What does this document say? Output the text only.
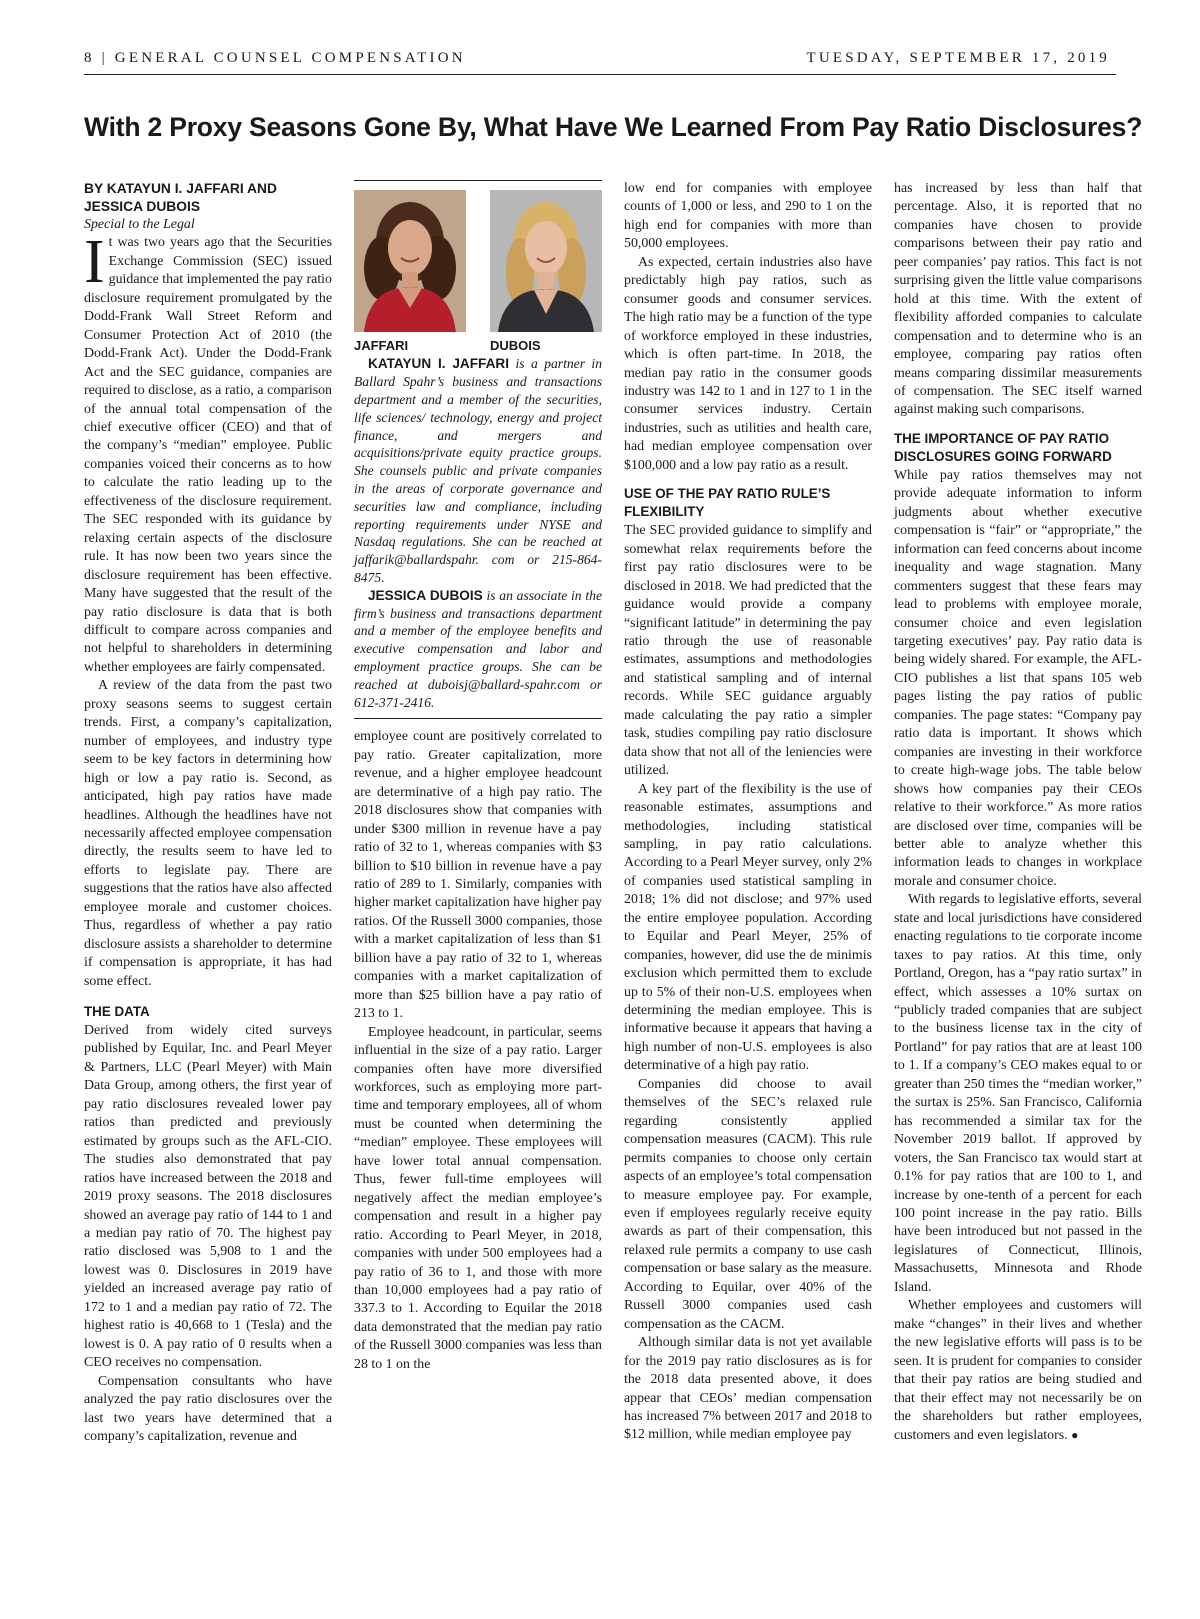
8 | GENERAL COUNSEL COMPENSATION	TUESDAY, SEPTEMBER 17, 2019
With 2 Proxy Seasons Gone By, What Have We Learned From Pay Ratio Disclosures?

BY KATAYUN I. JAFFARI AND

JESSICA DUBOIS

Special to the Legal

It was two years ago that the Securities Exchange Commission (SEC) issued guidance that implemented the pay ratio disclosure requirement promulgated by the Dodd-Frank Wall Street Reform and Consumer Protection Act of 2010 (the Dodd-Frank Act). Under the Dodd-Frank Act and the SEC guidance, companies are required to disclose, as a ratio, a comparison of the annual total compensation of the chief executive officer (CEO) and that of the company’s “median” employee. Public companies voiced their concerns as to how to calculate the ratio leading up to the effectiveness of the disclosure requirement. The SEC responded with its guidance by relaxing certain aspects of the disclosure rule. It has now been two years since the disclosure requirement has been effective. Many have suggested that the result of the pay ratio disclosure is data that is both difficult to compare across companies and not helpful to shareholders in determining whether employees are fairly compensated.

A review of the data from the past two proxy seasons seems to suggest certain trends. First, a company’s capitalization, number of employees, and industry type seem to be key factors in determining how high or low a pay ratio is. Second, as anticipated, high pay ratios have made headlines. Although the headlines have not necessarily affected employee compensation directly, the results seem to have led to efforts to legislate pay. There are suggestions that the ratios have also affected employee morale and customer choices. Thus, regardless of whether a pay ratio disclosure assists a shareholder to determine if compensation is appropriate, it has had some effect.

THE DATA

Derived from widely cited surveys published by Equilar, Inc. and Pearl Meyer & Partners, LLC (Pearl Meyer) with Main Data Group, among others, the first year of pay ratio disclosures revealed lower pay ratios than predicted and previously estimated by groups such as the AFL-CIO. The studies also demonstrated that pay ratios have increased between the 2018 and 2019 proxy seasons. The 2018 disclosures showed an average pay ratio of 144 to 1 and a median pay ratio of 70. The highest pay ratio disclosed was 5,908 to 1 and the lowest was 0. Disclosures in 2019 have yielded an increased average pay ratio of 172 to 1 and a median pay ratio of 72. The highest ratio is 40,668 to 1 (Tesla) and the lowest is 0. A pay ratio of 0 results when a CEO receives no compensation.

Compensation consultants who have analyzed the pay ratio disclosures over the last two years have determined that a company’s capitalization, revenue and

JAFFARI	DUBOIS

KATAYUN I. JAFFARI is a partner in Ballard Spahr’s business and transactions department and a member of the securities, life sciences/ technology, energy and project finance, and mergers and acquisitions/private equity practice groups. She counsels public and private companies in the areas of corporate governance and securities law and compliance, including reporting requirements under NYSE and Nasdaq regulations. She can be reached at jaffarik@ballardspahr. com or 215-864-8475.

JESSICA DUBOIS is an associate in the firm’s business and transactions department and a member of the employee benefits and executive compensation and labor and employment practice groups. She can be reached at duboisj@ballard-spahr.com or 612-371-2416.

employee count are positively correlated to pay ratio. Greater capitalization, more revenue, and a higher employee headcount are determinative of a high pay ratio. The 2018 disclosures show that companies with under $300 million in revenue have a pay ratio of 32 to 1, whereas companies with $3 billion to $10 billion in revenue have a pay ratio of 289 to 1. Similarly, companies with higher market capitalization have higher pay ratios. Of the Russell 3000 companies, those with a market capitalization of less than $1 billion have a pay ratio of 32 to 1, whereas companies with a market capitalization of more than $25 billion have a pay ratio of 213 to 1.

Employee headcount, in particular, seems influential in the size of a pay ratio. Larger companies often have more diversified workforces, such as employing more part-time and temporary employees, all of whom must be counted when determining the “median” employee. These employees will have lower total annual compensation. Thus, fewer full-time employees will negatively affect the median employee’s compensation and result in a higher pay ratio. According to Pearl Meyer, in 2018, companies with under 500 employees had a pay ratio of 36 to 1, and those with more than 10,000 employees had a pay ratio of 337.3 to 1. According to Equilar the 2018 data demonstrated that the median pay ratio of the Russell 3000 companies was less than 28 to 1 on the

low end for companies with employee counts of 1,000 or less, and 290 to 1 on the high end for companies with more than 50,000 employees.

As expected, certain industries also have predictably high pay ratios, such as consumer goods and consumer services. The high ratio may be a function of the type of workforce employed in these industries, which is often part-time. In 2018, the median pay ratio in the consumer goods industry was 142 to 1 and in 127 to 1 in the consumer services industry. Certain industries, such as utilities and health care, had median employee compensation over $100,000 and a low pay ratio as a result.

USE OF THE PAY RATIO RULE’S FLEXIBILITY

The SEC provided guidance to simplify and somewhat relax requirements before the first pay ratio disclosures were to be disclosed in 2018. We had predicted that the guidance would provide a company “significant latitude” in determining the pay ratio through the use of reasonable estimates, assumptions and methodologies and statistical sampling and of internal records. While SEC guidance arguably made calculating the pay ratio a simpler task, studies compiling pay ratio disclosure data show that not all of the leniencies were utilized.

A key part of the flexibility is the use of reasonable estimates, assumptions and methodologies, including statistical sampling, in pay ratio calculations. According to a Pearl Meyer survey, only 2% of companies used statistical sampling in 2018; 1% did not disclose; and 97% used the entire employee population. According to Equilar and Pearl Meyer, 25% of companies, however, did use the de minimis exclusion which permitted them to exclude up to 5% of their non-U.S. employees when determining the median employee. This is informative because it appears that having a high number of non-U.S. employees is also determinative of a high pay ratio.

Companies did choose to avail themselves of the SEC’s relaxed rule regarding consistently applied compensation measures (CACM). This rule permits companies to choose only certain aspects of an employee’s total compensation to measure employee pay. For example, even if employees regularly receive equity awards as part of their compensation, this relaxed rule permits a company to use cash compensation or base salary as the measure. According to Equilar, over 40% of the Russell 3000 companies used cash compensation as the CACM.

Although similar data is not yet available for the 2019 pay ratio disclosures as is for the 2018 data presented above, it does appear that CEOs’ median compensation has increased 7% between 2017 and 2018 to $12 million, while median employee pay

has increased by less than half that percentage. Also, it is reported that no companies have chosen to provide comparisons between their pay ratio and peer companies’ pay ratios. This fact is not surprising given the little value comparisons hold at this time. With the extent of flexibility afforded companies to calculate compensation and to determine who is an employee, comparing pay ratios often means comparing dissimilar measurements of compensation. The SEC itself warned against making such comparisons.

THE IMPORTANCE OF PAY RATIO DISCLOSURES GOING FORWARD

While pay ratios themselves may not provide adequate information to inform judgments about whether executive compensation is “fair” or “appropriate,” the information can feed concerns about income inequality and wage stagnation. Many commenters suggest that these fears may lead to problems with employee morale, consumer choice and even legislation targeting executives’ pay. Pay ratio data is being widely shared. For example, the AFL-CIO publishes a list that spans 105 web pages listing the pay ratios of public companies. The page states: “Company pay ratio data is important. It shows which companies are investing in their workforce to create high-wage jobs. The table below shows how companies pay their CEOs relative to their workforce.” As more ratios are disclosed over time, companies will be better able to analyze whether this information leads to changes in workplace morale and consumer choice.

With regards to legislative efforts, several state and local jurisdictions have considered enacting regulations to tie corporate income taxes to pay ratios. At this time, only Portland, Oregon, has a “pay ratio surtax” in effect, which assesses a 10% surtax on “publicly traded companies that are subject to the business license tax in the city of Portland” for pay ratios that are at least 100 to 1. If a company’s CEO makes equal to or greater than 250 times the “median worker,” the surtax is 25%. San Francisco, California has recommended a similar tax for the November 2019 ballot. If approved by voters, the San Francisco tax would start at 0.1% for pay ratios that are 100 to 1, and increase by one-tenth of a percent for each 100 point increase in the pay ratio. Bills have been introduced but not passed in the legislatures of Connecticut, Illinois, Massachusetts, Minnesota and Rhode Island.

Whether employees and customers will make “changes” in their lives and whether the new legislative efforts will pass is to be seen. It is prudent for companies to consider that their pay ratios are being studied and that their effect may not necessarily be on the shareholders but rather employees, customers and even legislators. ●
